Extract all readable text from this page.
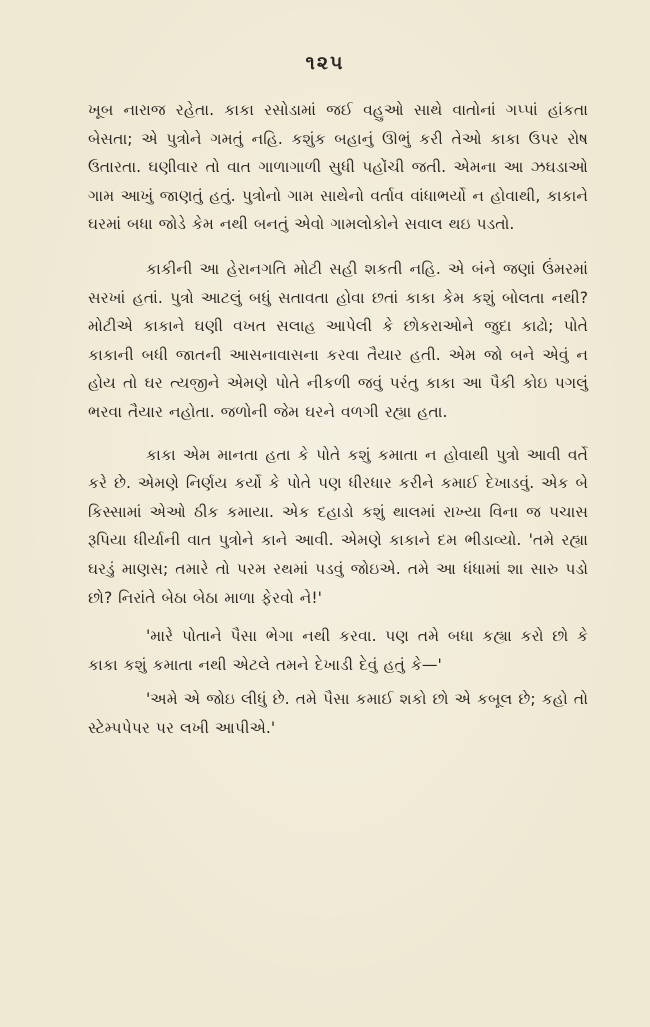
૧૨૫

ખૂબ નારાજ રહેતા. કાકા રસોડામાં જઈ વહુઓ સાથે વાતોનાં ગપ્પાં હાંકતા બેસતા; એ પુત્રોને ગમતું નહિ. કશુંક બહાનું ઊભું કરી તેઓ કાકા ઉપર રોષ ઉતારતા. ઘણીવાર તો વાત ગાળાગાળી સુધી પહોંચી જતી. એમના આ ઝઘડાઓ ગામ આખું જાણતું હતું. પુત્રોનો ગામ સાથેનો વર્તાવ વાંધાભર્યો ન હોવાથી, કાકાને ઘરમાં બધા જોડે કેમ નથી બનતું એવો ગામલોકોને સવાલ થઇ પડતો.

કાકીની આ હેરાનગતિ મોટી સહી શકતી નહિ. એ બંને જણાં ઉંમરમાં સરખાં હતાં. પુત્રો આટલું બધું સતાવતા હોવા છતાં કાકા કેમ કશું બોલતા નથી? મોટીએ કાકાને ઘણી વખત સલાહ આપેલી કે છોકરાઓને જુદા કાઢો; પોતે કાકાની બધી જાતની આસનાવાસના કરવા તૈયાર હતી. એમ જો બને એવું ન હોય તો ઘર ત્યજીને એમણે પોતે નીકળી જવું પરંતુ કાકા આ પૈકી કોઇ પગલું ભરવા તૈયાર નહોતા. જળોની જેમ ઘરને વળગી રહ્યા હતા.

કાકા એમ માનતા હતા કે પોતે કશું કમાતા ન હોવાથી પુત્રો આવી વર્તે કરે છે. એમણે નિર્ણય કર્યો કે પોતે પણ ધીરધાર કરીને કમાઈ દેખાડવું. એક બે કિસ્સામાં એઓ ઠીક કમાયા. એક દહાડો કશું થાલમાં રાખ્યા વિના જ પચાસ રૂપિયા ધીર્યાની વાત પુત્રોને કાને આવી. એમણે કાકાને દમ ભીડાવ્યો. 'તમે રહ્યા ઘરડું માણસ; તમારે તો પરમ રથમાં પડવું જોઇએ. તમે આ ધંધામાં શા સારુ પડો છો? નિરાંતે બેઠા બેઠા માળા ફેરવો ને!'

'મારે પોતાને પૈસા ભેગા નથી કરવા. પણ તમે બધા કહ્યા કરો છો કે કાકા કશું કમાતા નથી એટલે તમને દેખાડી દેવું હતું કે—'

'અમે એ જોઇ લીધું છે. તમે પૈસા કમાઈ શકો છો એ કબૂલ છે; કહો તો સ્ટેમ્પપેપર પર લખી આપીએ.'
